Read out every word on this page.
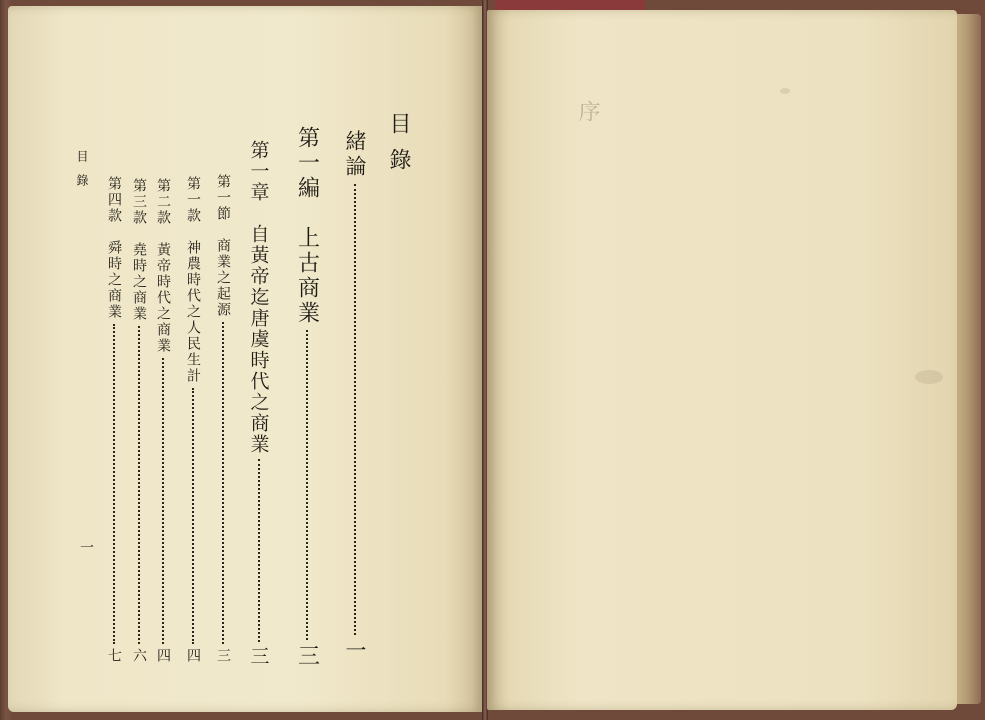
目錄
緒論
一
第一編　上古商業
三
第一章　自黃帝迄唐虞時代之商業
三
第一節　商業之起源
三
第一款　神農時代之人民生計
四
第二款　黃帝時代之商業
四
第三款　堯時之商業
六
第四款　舜時之商業
七
目錄
一
序
